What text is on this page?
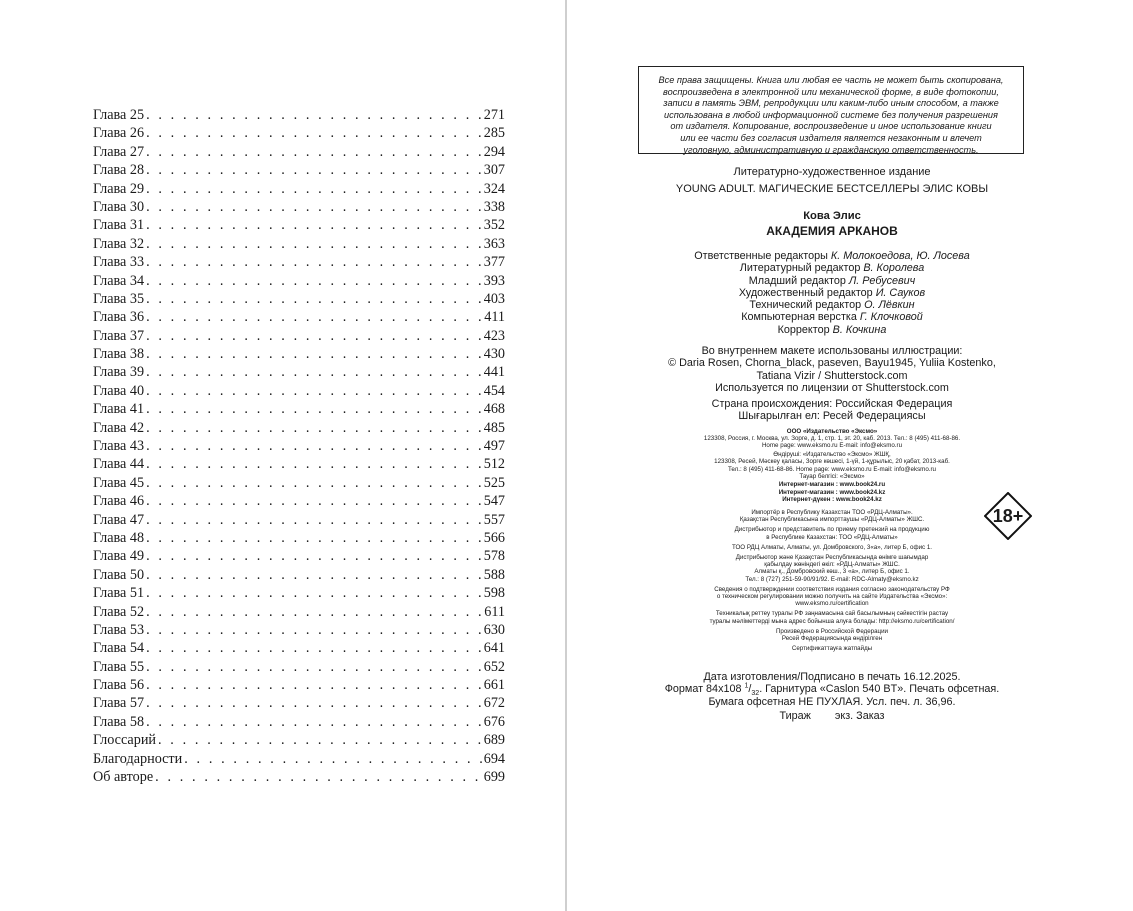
Глава 25 . . .	271
Глава 26 . . .	285
Глава 27 . . .	294
Глава 28 . . .	307
Глава 29 . . .	324
Глава 30 . . .	338
Глава 31 . . .	352
Глава 32 . . .	363
Глава 33 . . .	377
Глава 34 . . .	393
Глава 35 . . .	403
Глава 36 . . .	411
Глава 37 . . .	423
Глава 38 . . .	430
Глава 39 . . .	441
Глава 40 . . .	454
Глава 41 . . .	468
Глава 42 . . .	485
Глава 43 . . .	497
Глава 44 . . .	512
Глава 45 . . .	525
Глава 46 . . .	547
Глава 47 . . .	557
Глава 48 . . .	566
Глава 49 . . .	578
Глава 50 . . .	588
Глава 51 . . .	598
Глава 52 . . .	611
Глава 53 . . .	630
Глава 54 . . .	641
Глава 55 . . .	652
Глава 56 . . .	661
Глава 57 . . .	672
Глава 58 . . .	676
Глоссарий . . .	689
Благодарности . . .	694
Об авторе . . .	699
Все права защищены. Книга или любая ее часть не может быть скопирована,
воспроизведена в электронной или механической форме, в виде фотокопии,
записи в память ЭВМ, репродукции или каким-либо иным способом, а также
использована в любой информационной системе без получения разрешения
от издателя. Копирование, воспроизведение и иное использование книги
или ее части без согласия издателя является незаконным и влечет
уголовную, административную и гражданскую ответственность.
Литературно-художественное издание
YOUNG ADULT. МАГИЧЕСКИЕ БЕСТСЕЛЛЕРЫ ЭЛИС КОВЫ
Кова Элис
АКАДЕМИЯ АРКАНОВ
Ответственные редакторы К. Молокоедова, Ю. Лосева
Литературный редактор В. Королева
Младший редактор Л. Ребусевич
Художественный редактор И. Сауков
Технический редактор О. Лёвкин
Компьютерная верстка Г. Клочковой
Корректор В. Кочкина
Во внутреннем макете использованы иллюстрации:
© Daria Rosen, Chorna_black, paseven, Bayu1945, Yuliia Kostenko,
Tatiana Vizir / Shutterstock.com
Используется по лицензии от Shutterstock.com
Страна происхождения: Российская Федерация
Шығарылған ел: Ресей Федерациясы
ООО «Издательство «Эксмо»
123308, Россия, г. Москва, ул. Зорге, д. 1, стр. 1, эт. 20, каб. 2013. Тел.: 8 (495) 411-68-86.
Home page: www.eksmo.ru E-mail: info@eksmo.ru
Өндіруші: «Издательство «Эксмо» ЖШҚ,
123308, Ресей, Мәскеу қаласы, Зорге көшесі, 1-үй, 1-құрылыс, 20 қабат, 2013-каб.
Тел.: 8 (495) 411-68-86. Home page: www.eksmo.ru E-mail: info@eksmo.ru
Тауар белгісі: «Эксмо»
Интернет-магазин : www.book24.ru
Интернет-магазин : www.book24.kz
Интернет-дүкен : www.book24.kz
Импортёр в Республику Казахстан ТОО «РДЦ-Алматы».
Қазақстан Республикасына импорттаушы «РДЦ-Алматы» ЖШС.
Дистрибьютор и представитель по приему претензий на продукцию
в Республике Казахстан: ТОО «РДЦ-Алматы»
ТОО РДЦ Алматы, Алматы, ул. Домбровского, 3«а», литер Б, офис 1.
Дистрибьютор және Қазақстан Республикасында өнімге шағымдар
қабылдау жөніндегі өкіл: «РДЦ-Алматы» ЖШС.
Алматы қ., Домбровский көш., 3 «а», литер Б, офис 1.
Тел.: 8 (727) 251-59-90/91/92. E-mail: RDC-Almaty@eksmo.kz
Сведения о подтверждении соответствия издания согласно законодательству РФ
о техническом регулировании можно получить на сайте Издательства «Эксмо»:
www.eksmo.ru/certification
Техникалық реттеу туралы РФ заңнамасына сай басылымның сәйкестігін растау
туралы мәліметтерді мына адрес бойынша алуға болады: http://eksmo.ru/certification/
Произведено в Российской Федерации
Ресей Федерациясында өндірілген
Сертификаттауға жатпайды
18+
Дата изготовления/Подписано в печать 16.12.2025.
Формат 84x108 $^1/_{32}$. Гарнитура «Caslon 540 BT». Печать офсетная.
Бумага офсетная НЕ ПУХЛАЯ. Усл. печ. л. 36,96.
Тираж        экз. Заказ
